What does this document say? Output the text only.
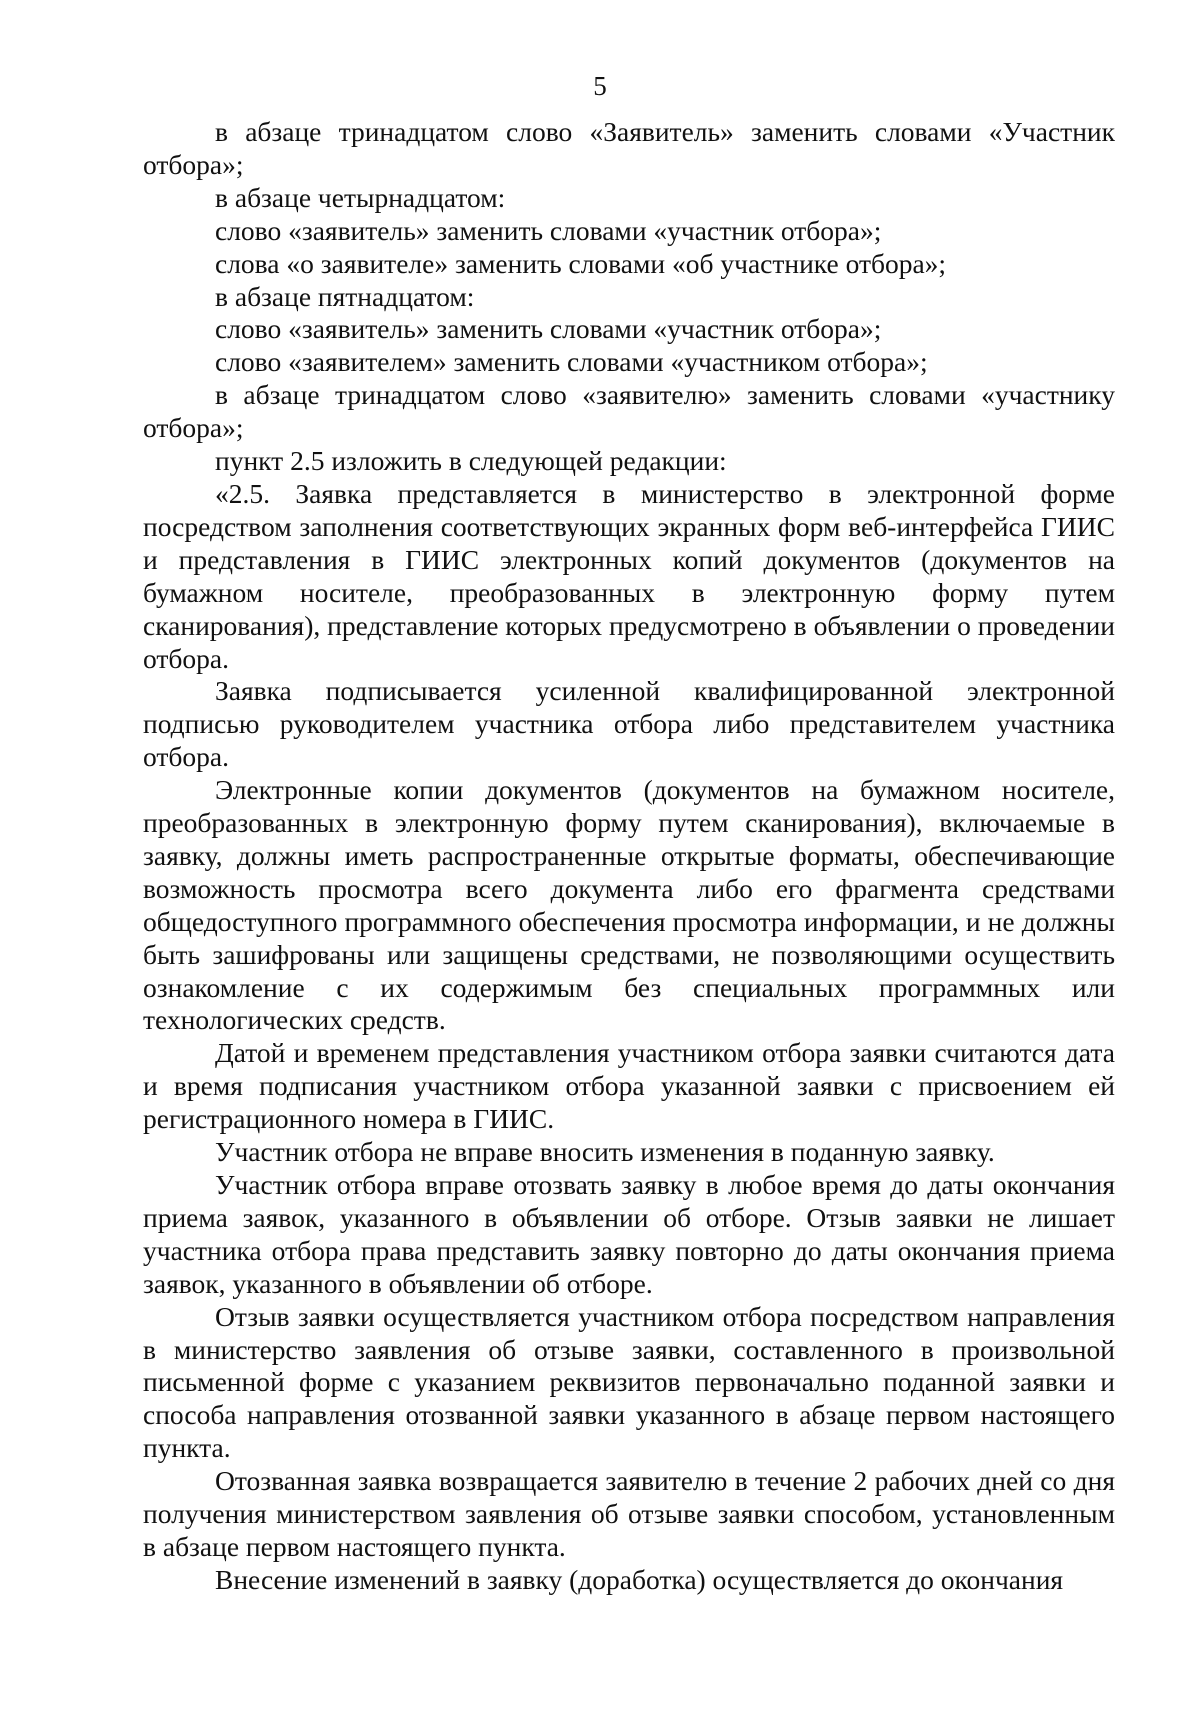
5

в абзаце тринадцатом слово «Заявитель» заменить словами «Участник отбора»;

в абзаце четырнадцатом:

слово «заявитель» заменить словами «участник отбора»;

слова «о заявителе» заменить словами «об участнике отбора»;

в абзаце пятнадцатом:

слово «заявитель» заменить словами «участник отбора»;

слово «заявителем» заменить словами «участником отбора»;

в абзаце тринадцатом слово «заявителю» заменить словами «участнику отбора»;

пункт 2.5 изложить в следующей редакции:

«2.5. Заявка представляется в министерство в электронной форме посредством заполнения соответствующих экранных форм веб-интерфейса ГИИС и представления в ГИИС электронных копий документов (документов на бумажном носителе, преобразованных в электронную форму путем сканирования), представление которых предусмотрено в объявлении о проведении отбора.

Заявка подписывается усиленной квалифицированной электронной подписью руководителем участника отбора либо представителем участника отбора.

Электронные копии документов (документов на бумажном носителе, преобразованных в электронную форму путем сканирования), включаемые в заявку, должны иметь распространенные открытые форматы, обеспечивающие возможность просмотра всего документа либо его фрагмента средствами общедоступного программного обеспечения просмотра информации, и не должны быть зашифрованы или защищены средствами, не позволяющими осуществить ознакомление с их содержимым без специальных программных или технологических средств.

Датой и временем представления участником отбора заявки считаются дата и время подписания участником отбора указанной заявки с присвоением ей регистрационного номера в ГИИС.

Участник отбора не вправе вносить изменения в поданную заявку.

Участник отбора вправе отозвать заявку в любое время до даты окончания приема заявок, указанного в объявлении об отборе. Отзыв заявки не лишает участника отбора права представить заявку повторно до даты окончания приема заявок, указанного в объявлении об отборе.

Отзыв заявки осуществляется участником отбора посредством направления в министерство заявления об отзыве заявки, составленного в произвольной письменной форме с указанием реквизитов первоначально поданной заявки и способа направления отозванной заявки указанного в абзаце первом настоящего пункта.

Отозванная заявка возвращается заявителю в течение 2 рабочих дней со дня получения министерством заявления об отзыве заявки способом, установленным в абзаце первом настоящего пункта.

Внесение изменений в заявку (доработка) осуществляется до окончания
